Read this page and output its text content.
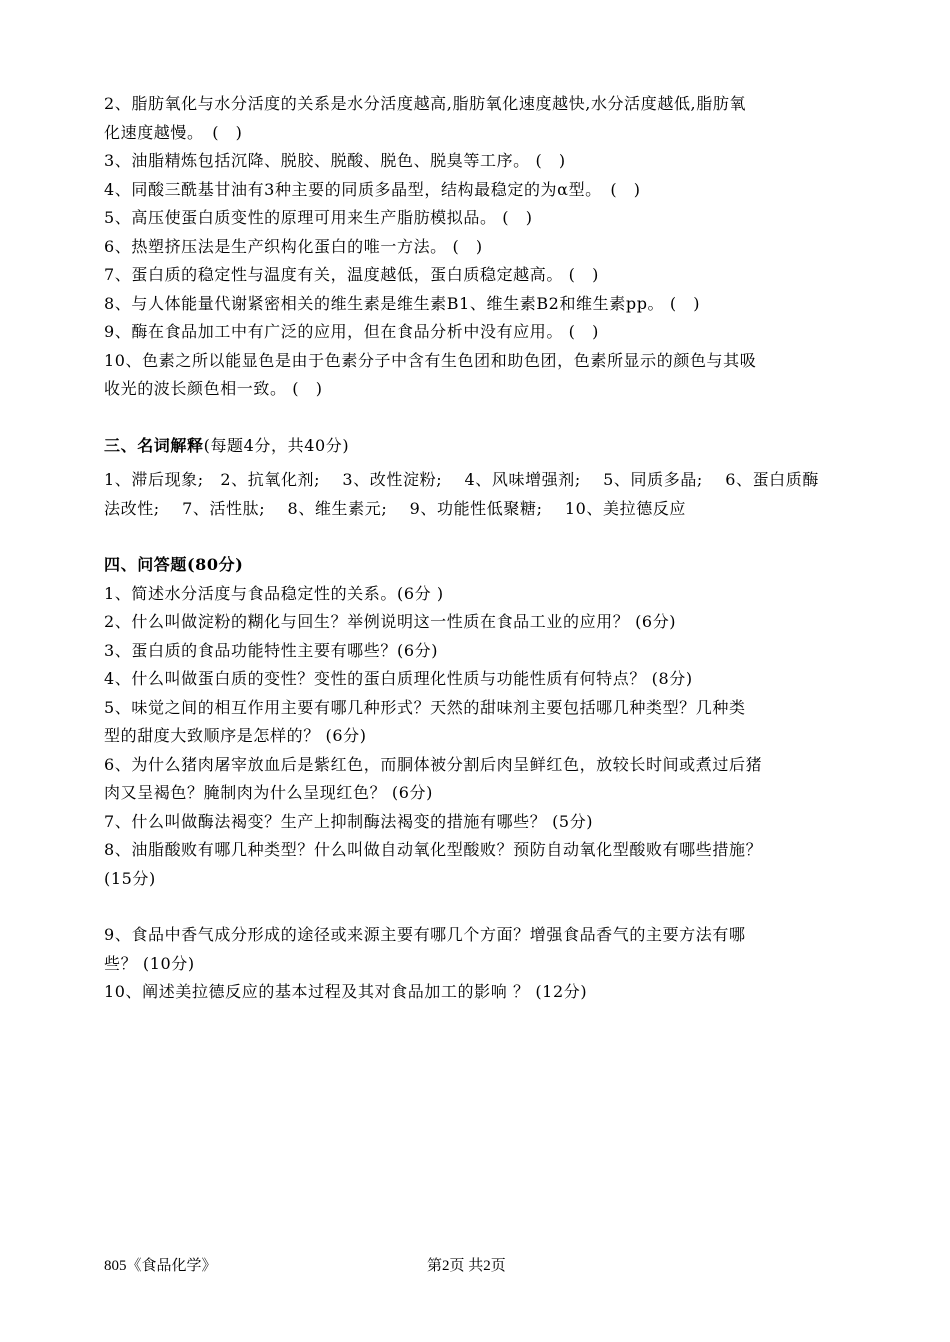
2、脂肪氧化与水分活度的关系是水分活度越高,脂肪氧化速度越快,水分活度越低,脂肪氧
化速度越慢。　(　)
3、油脂精炼包括沉降、脱胶、脱酸、脱色、脱臭等工序。 (　)
4、同酸三酰基甘油有3种主要的同质多晶型，结构最稳定的为α型。　(　)
5、高压使蛋白质变性的原理可用来生产脂肪模拟品。 (　)
6、热塑挤压法是生产织构化蛋白的唯一方法。 (　)
7、蛋白质的稳定性与温度有关，温度越低，蛋白质稳定越高。 (　)
8、与人体能量代谢紧密相关的维生素是维生素B1、维生素B2和维生素pp。 (　)
9、酶在食品加工中有广泛的应用，但在食品分析中没有应用。 (　)
10、色素之所以能显色是由于色素分子中含有生色团和助色团，色素所显示的颜色与其吸
收光的波长颜色相一致。 (　)
三、名词解释(每题4分，共40分)
1、滞后现象;　2、抗氧化剂;　 3、改性淀粉;　 4、风味增强剂;　 5、同质多晶;　 6、蛋白质酶
法改性;　 7、活性肽;　 8、维生素元;　 9、功能性低聚糖;　 10、美拉德反应
四、问答题(80分)
1、简述水分活度与食品稳定性的关系。(6分 )
2、什么叫做淀粉的糊化与回生？举例说明这一性质在食品工业的应用？ (6分)
3、蛋白质的食品功能特性主要有哪些？(6分)
4、什么叫做蛋白质的变性？变性的蛋白质理化性质与功能性质有何特点？ (8分)
5、味觉之间的相互作用主要有哪几种形式？天然的甜味剂主要包括哪几种类型？几种类
型的甜度大致顺序是怎样的？ (6分)
6、为什么猪肉屠宰放血后是紫红色，而胴体被分割后肉呈鲜红色，放较长时间或煮过后猪
肉又呈褐色？腌制肉为什么呈现红色？ (6分)
7、什么叫做酶法褐变？生产上抑制酶法褐变的措施有哪些？ (5分)
8、油脂酸败有哪几种类型？什么叫做自动氧化型酸败？预防自动氧化型酸败有哪些措施？
(15分)
9、食品中香气成分形成的途径或来源主要有哪几个方面？增强食品香气的主要方法有哪
些？ (10分)
10、阐述美拉德反应的基本过程及其对食品加工的影响 ？ (12分)
805《食品化学》	第2页 共2页
